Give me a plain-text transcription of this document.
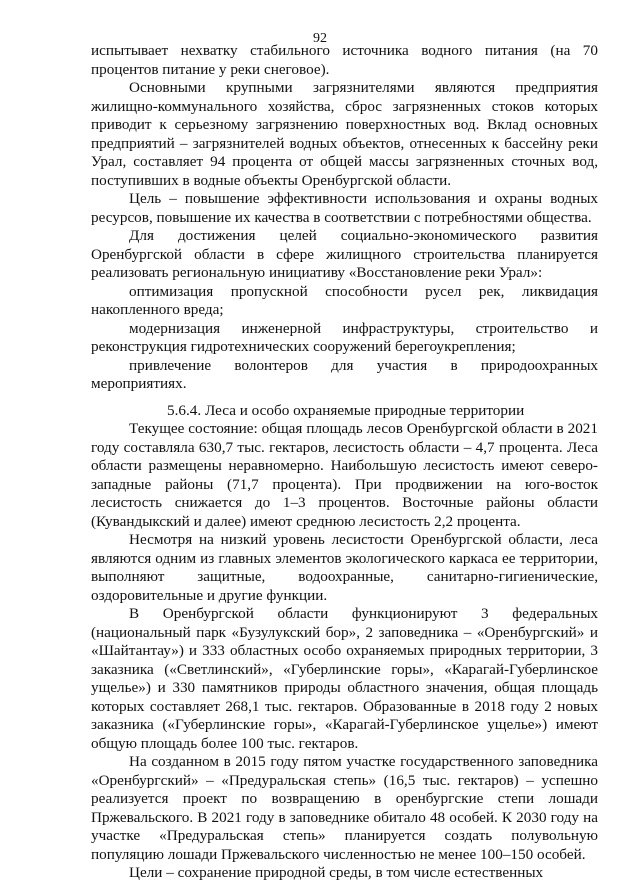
92

испытывает нехватку стабильного источника водного питания (на 70 процентов питание у реки снеговое).

Основными крупными загрязнителями являются предприятия жилищно-коммунального хозяйства, сброс загрязненных стоков которых приводит к серьезному загрязнению поверхностных вод. Вклад основных предприятий – загрязнителей водных объектов, отнесенных к бассейну реки Урал, составляет 94 процента от общей массы загрязненных сточных вод, поступивших в водные объекты Оренбургской области.

Цель – повышение эффективности использования и охраны водных ресурсов, повышение их качества в соответствии с потребностями общества.

Для достижения целей социально-экономического развития Оренбургской области в сфере жилищного строительства планируется реализовать региональную инициативу «Восстановление реки Урал»:

оптимизация пропускной способности русел рек, ликвидация накопленного вреда;

модернизация инженерной инфраструктуры, строительство и реконструкция гидротехнических сооружений берегоукрепления;

привлечение волонтеров для участия в природоохранных мероприятиях.

5.6.4. Леса и особо охраняемые природные территории

Текущее состояние: общая площадь лесов Оренбургской области в 2021 году составляла 630,7 тыс. гектаров, лесистость области – 4,7 процента. Леса области размещены неравномерно. Наибольшую лесистость имеют северо-западные районы (71,7 процента). При продвижении на юго-восток лесистость снижается до 1–3 процентов. Восточные районы области (Кувандыкский и далее) имеют среднюю лесистость 2,2 процента.

Несмотря на низкий уровень лесистости Оренбургской области, леса являются одним из главных элементов экологического каркаса ее территории, выполняют защитные, водоохранные, санитарно-гигиенические, оздоровительные и другие функции.

В Оренбургской области функционируют 3 федеральных (национальный парк «Бузулукский бор», 2 заповедника – «Оренбургский» и «Шайтантау») и 333 областных особо охраняемых природных территории, 3 заказника («Светлинский», «Губерлинские горы», «Карагай-Губерлинское ущелье») и 330 памятников природы областного значения, общая площадь которых составляет 268,1 тыс. гектаров. Образованные в 2018 году 2 новых заказника («Губерлинские горы», «Карагай-Губерлинское ущелье») имеют общую площадь более 100 тыс. гектаров.

На созданном в 2015 году пятом участке государственного заповедника «Оренбургский» – «Предуральская степь» (16,5 тыс. гектаров) – успешно реализуется проект по возвращению в оренбургские степи лошади Пржевальского. В 2021 году в заповеднике обитало 48 особей. К 2030 году на участке «Предуральская степь» планируется создать полувольную популяцию лошади Пржевальского численностью не менее 100–150 особей.

Цели – сохранение природной среды, в том числе естественных
